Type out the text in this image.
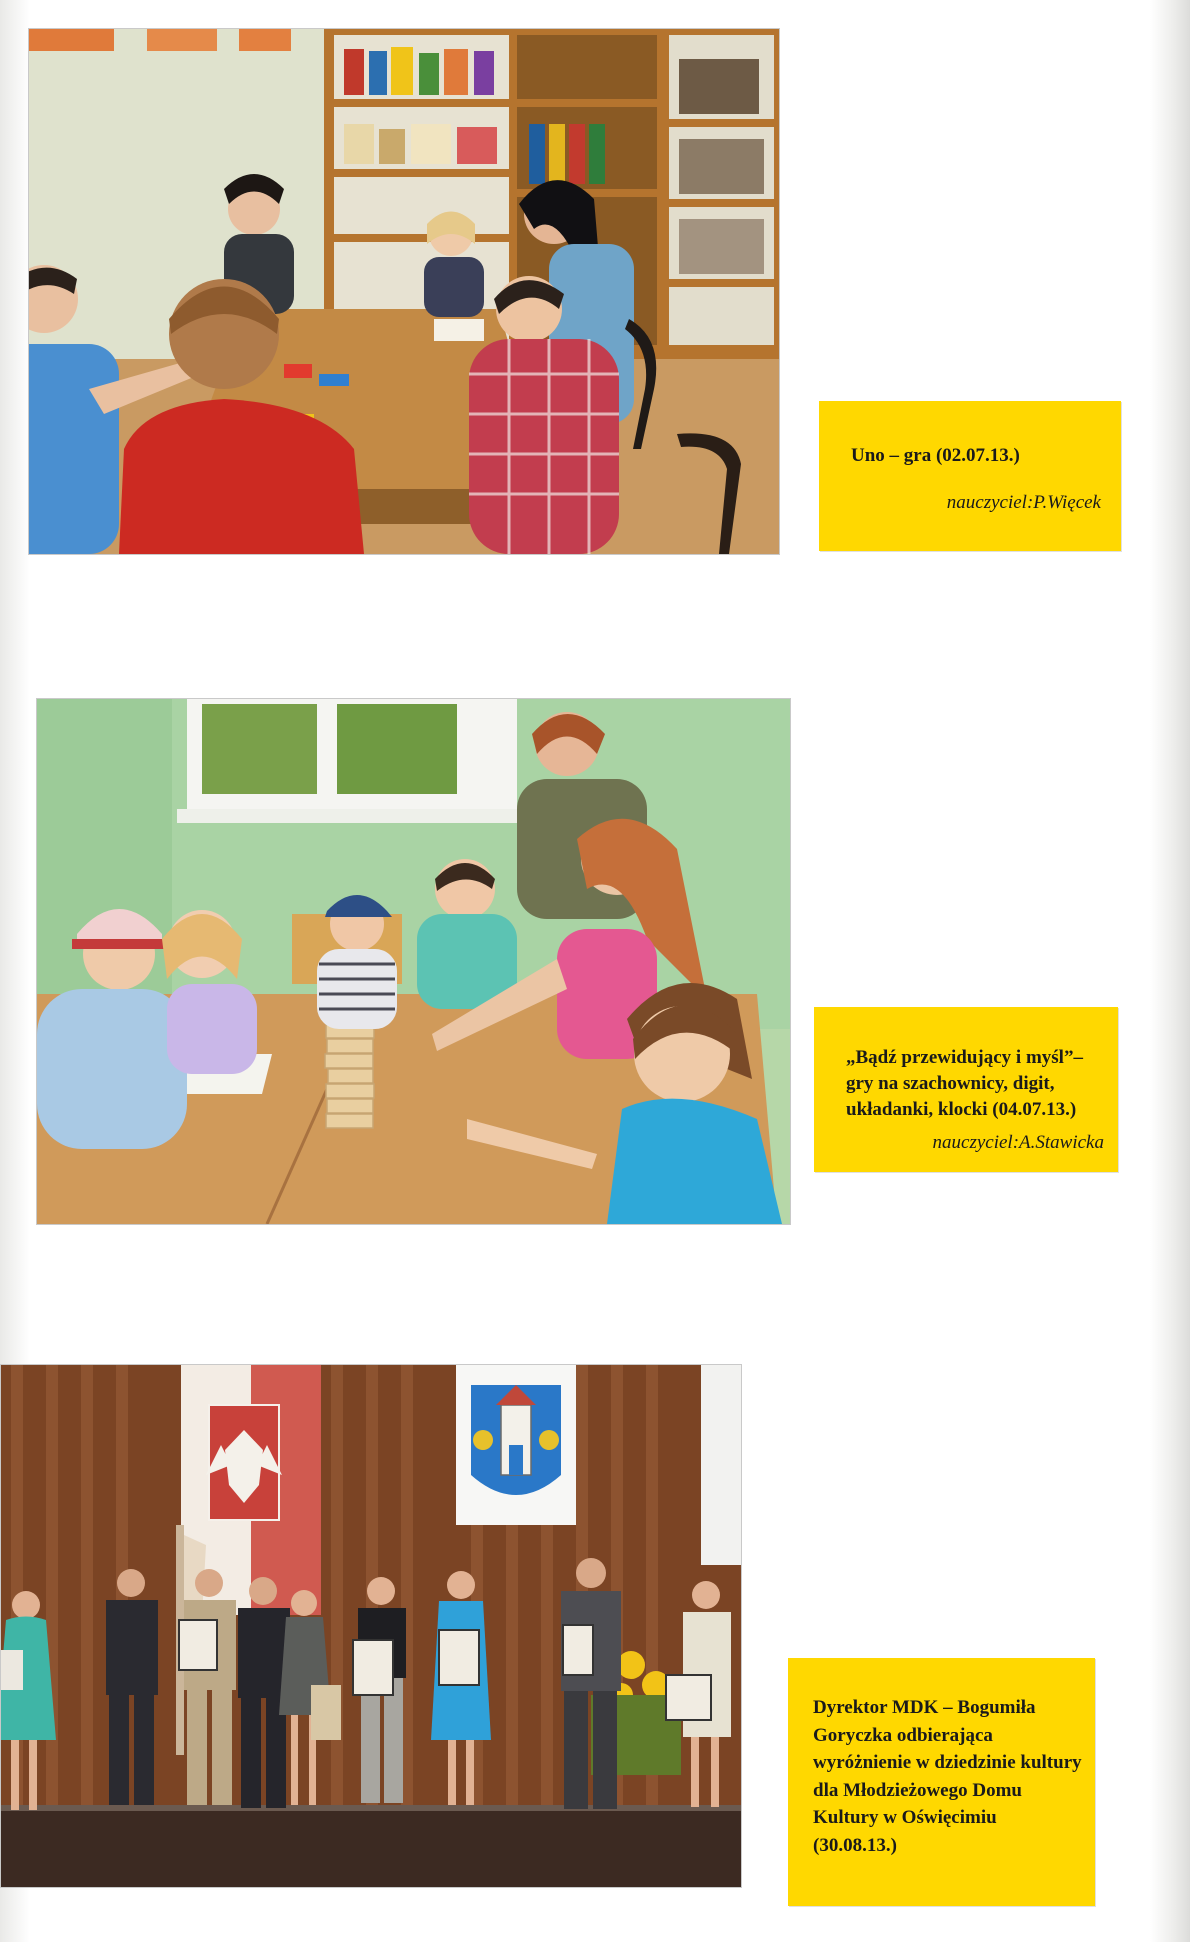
Uno – gra (02.07.13.)
nauczyciel:P.Więcek
„Bądź przewidujący i myśl”– gry na szachownicy, digit, układanki, klocki (04.07.13.)
nauczyciel:A.Stawicka
Dyrektor MDK – Bogumiła Goryczka odbierająca wyróżnienie w dziedzinie kultury dla Młodzieżowego Domu Kultury w Oświęcimiu (30.08.13.)
